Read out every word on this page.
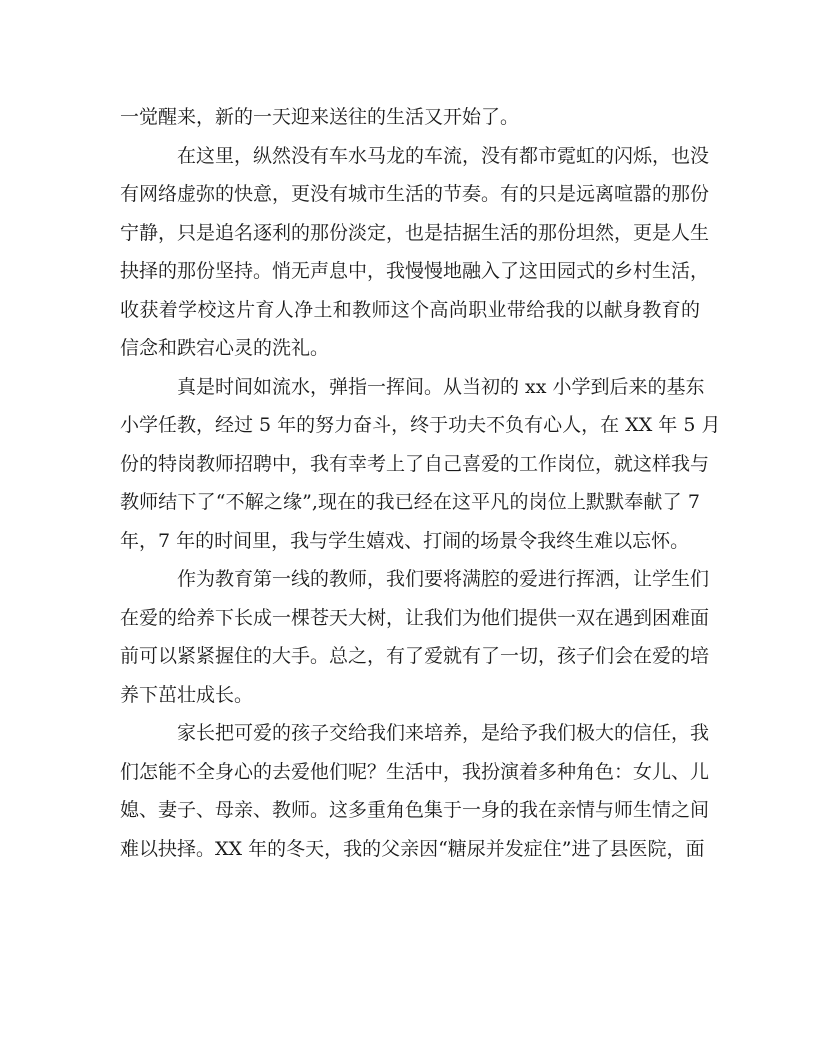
一觉醒来，新的一天迎来送往的生活又开始了。
在这里，纵然没有车水马龙的车流，没有都市霓虹的闪烁，也没
有网络虚弥的快意，更没有城市生活的节奏。有的只是远离喧嚣的那份
宁静，只是追名逐利的那份淡定，也是拮据生活的那份坦然，更是人生
抉择的那份坚持。悄无声息中，我慢慢地融入了这田园式的乡村生活，
收获着学校这片育人净土和教师这个高尚职业带给我的以献身教育的
信念和跌宕心灵的洗礼。
真是时间如流水，弹指一挥间。从当初的 xx 小学到后来的基东
小学任教，经过 5 年的努力奋斗，终于功夫不负有心人，在 XX 年 5 月
份的特岗教师招聘中，我有幸考上了自己喜爱的工作岗位，就这样我与
教师结下了“不解之缘”,现在的我已经在这平凡的岗位上默默奉献了 7
年，7 年的时间里，我与学生嬉戏、打闹的场景令我终生难以忘怀。
作为教育第一线的教师，我们要将满腔的爱进行挥洒，让学生们
在爱的给养下长成一棵苍天大树，让我们为他们提供一双在遇到困难面
前可以紧紧握住的大手。总之，有了爱就有了一切，孩子们会在爱的培
养下茁壮成长。
家长把可爱的孩子交给我们来培养，是给予我们极大的信任，我
们怎能不全身心的去爱他们呢？生活中，我扮演着多种角色：女儿、儿
媳、妻子、母亲、教师。这多重角色集于一身的我在亲情与师生情之间
难以抉择。XX 年的冬天，我的父亲因“糖尿并发症住”进了县医院，面
